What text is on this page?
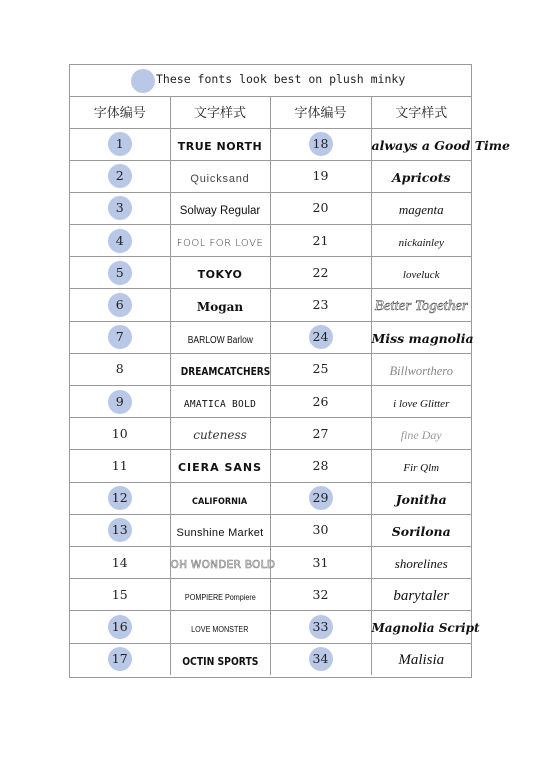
These fonts look best on plush minky
字体编号	文字样式	字体编号	文字样式
1	TRUE NORTH	18	always a Good Time
2	Quicksand	19	Apricots
3	Solway Regular	20	magenta
4	FOOL FOR LOVE	21	nickainley
5	TOKYO	22	loveluck
6	Mogan	23	Better Together
7	BARLOW Barlow	24	Miss magnolia
8	DREAMCATCHERS	25	Billworthero
9	AMATICA BOLD	26	i love Glitter
10	cuteness	27	fine Day
11	CIERA SANS	28	Fir Qlm
12	CALIFORNIA	29	Jonitha
13	Sunshine Market	30	Sorilona
14	OH WONDER BOLD	31	shorelines
15	POMPIERE Pompiere	32	barytaler
16	LOVE MONSTER	33	Magnolia Script
17	OCTIN SPORTS	34	Malisia
